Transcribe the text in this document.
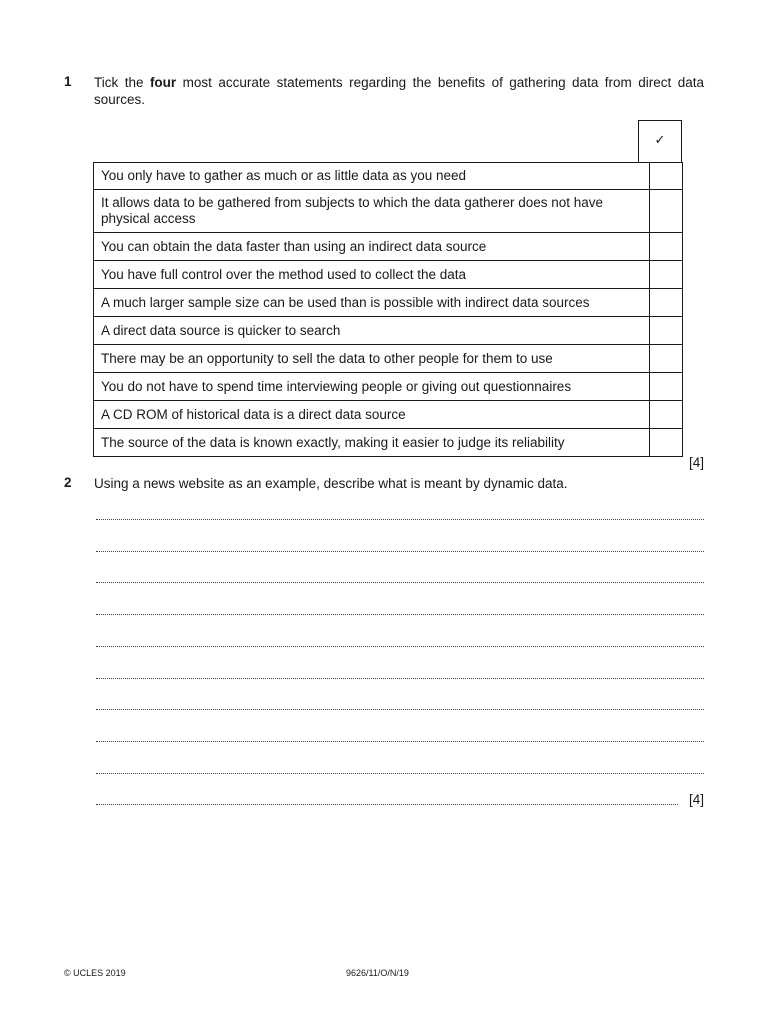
1 Tick the four most accurate statements regarding the benefits of gathering data from direct data sources.
✓
You only have to gather as much or as little data as you need	
It allows data to be gathered from subjects to which the data gatherer does not have physical access	
You can obtain the data faster than using an indirect data source	
You have full control over the method used to collect the data	
A much larger sample size can be used than is possible with indirect data sources	
A direct data source is quicker to search	
There may be an opportunity to sell the data to other people for them to use	
You do not have to spend time interviewing people or giving out questionnaires	
A CD ROM of historical data is a direct data source	
The source of the data is known exactly, making it easier to judge its reliability	
[4]
2 Using a news website as an example, describe what is meant by dynamic data.
[4]
© UCLES 2019	9626/11/O/N/19
